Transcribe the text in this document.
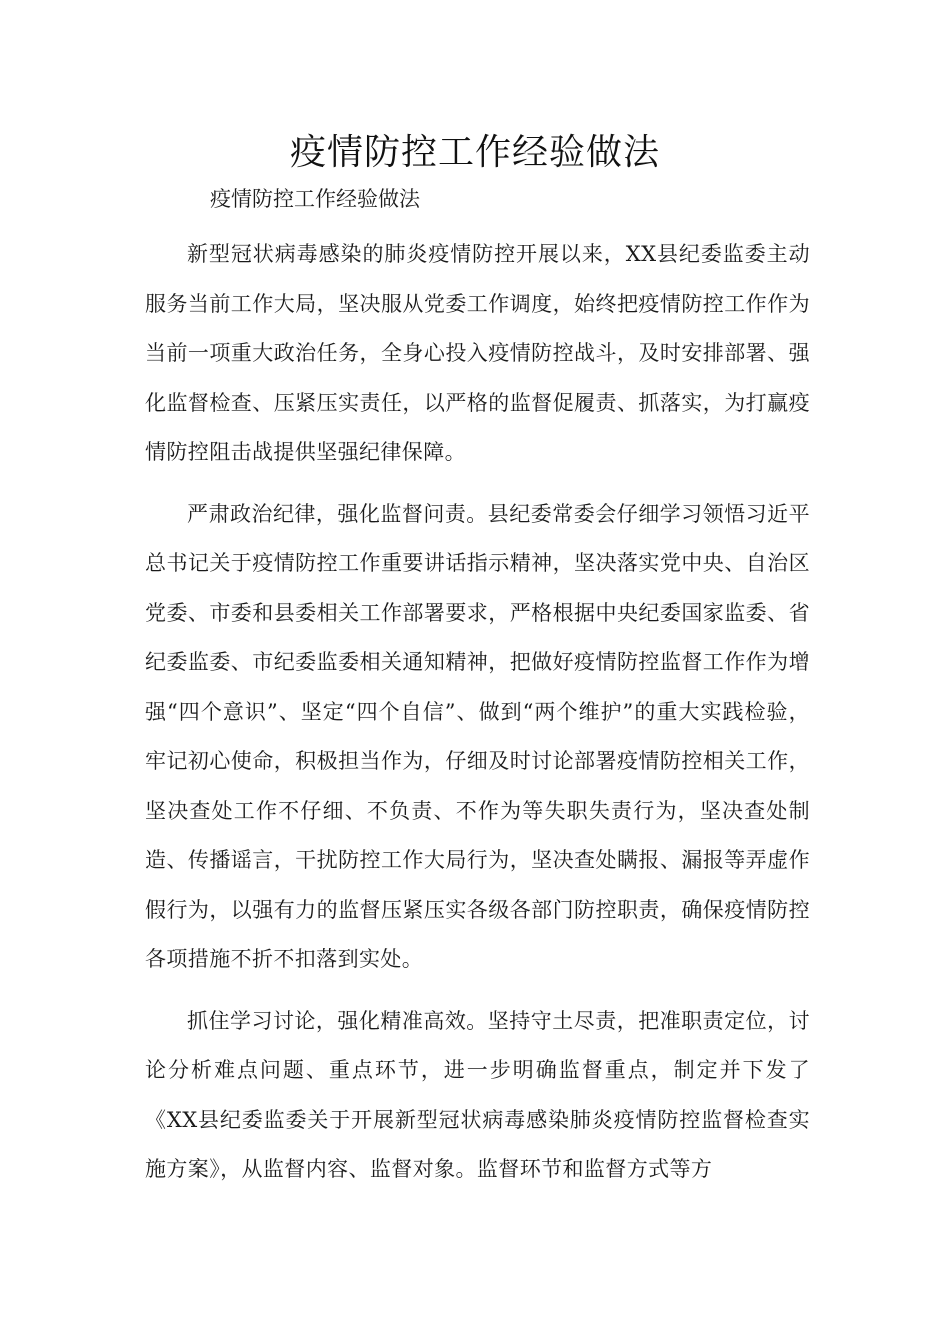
疫情防控工作经验做法
疫情防控工作经验做法

新型冠状病毒感染的肺炎疫情防控开展以来，XX县纪委监委主动服务当前工作大局，坚决服从党委工作调度，始终把疫情防控工作作为当前一项重大政治任务，全身心投入疫情防控战斗，及时安排部署、强化监督检查、压紧压实责任，以严格的监督促履责、抓落实，为打赢疫情防控阻击战提供坚强纪律保障。

严肃政治纪律，强化监督问责。县纪委常委会仔细学习领悟习近平总书记关于疫情防控工作重要讲话指示精神，坚决落实党中央、自治区党委、市委和县委相关工作部署要求，严格根据中央纪委国家监委、省纪委监委、市纪委监委相关通知精神，把做好疫情防控监督工作作为增强“四个意识”、坚定“四个自信”、做到“两个维护”的重大实践检验，牢记初心使命，积极担当作为，仔细及时讨论部署疫情防控相关工作，坚决查处工作不仔细、不负责、不作为等失职失责行为，坚决查处制造、传播谣言，干扰防控工作大局行为，坚决查处瞒报、漏报等弄虚作假行为，以强有力的监督压紧压实各级各部门防控职责，确保疫情防控各项措施不折不扣落到实处。

抓住学习讨论，强化精准高效。坚持守土尽责，把准职责定位，讨论分析难点问题、重点环节，进一步明确监督重点，制定并下发了《XX县纪委监委关于开展新型冠状病毒感染肺炎疫情防控监督检查实施方案》，从监督内容、监督对象。监督环节和监督方式等方
